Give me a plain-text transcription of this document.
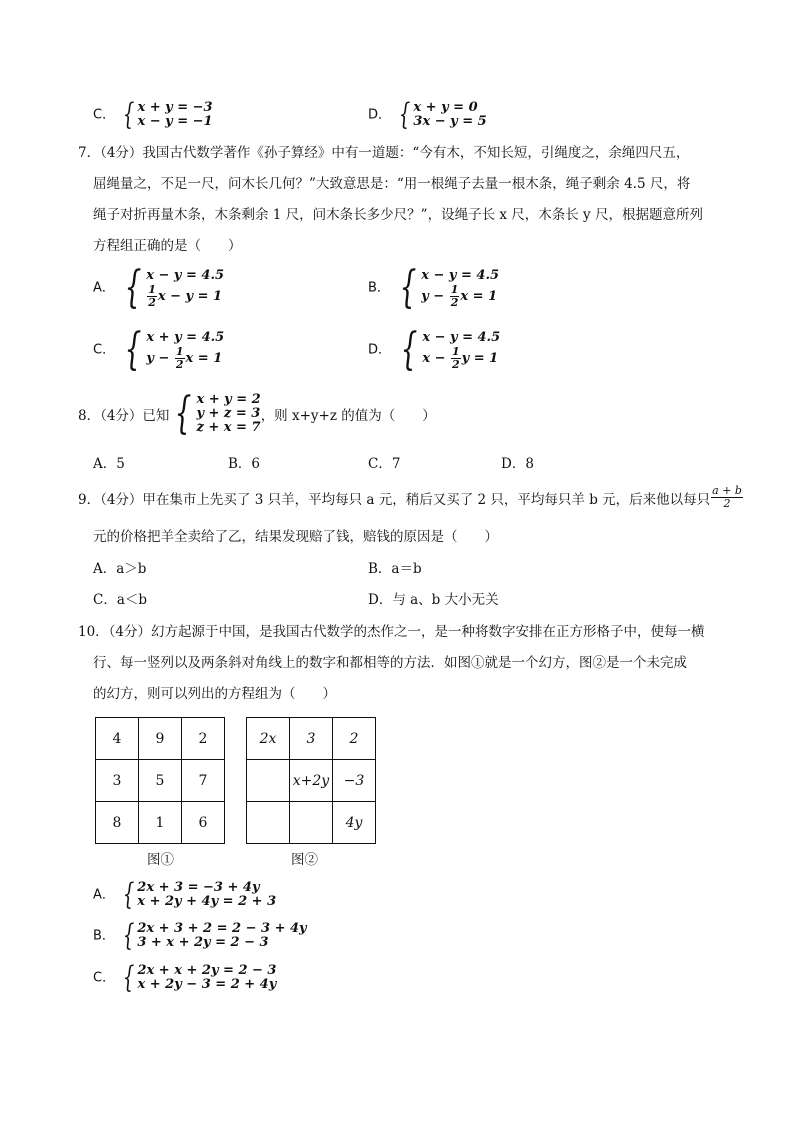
C． { x + y = −3
x − y = −1	D． { x + y = 0
3x − y = 5
7．（4分）我国古代数学著作《孙子算经》中有一道题：“今有木，不知长短，引绳度之，余绳四尺五，
屈绳量之，不足一尺，问木长几何？”大致意思是：“用一根绳子去量一根木条，绳子剩余 4.5 尺，将
绳子对折再量木条，木条剩余 1 尺，问木条长多少尺？”，设绳子长 x 尺，木条长 y 尺，根据题意所列
方程组正确的是（　　）
A． { x − y = 4.5
$\frac{1}{2}$ x − y = 1
B． { x − y = 4.5
$y - \frac{1}{2}$ x = 1
C． { x + y = 4.5
$y - \frac{1}{2}$ x = 1
D． { x − y = 4.5
$x - \frac{1}{2}$ y = 1
8．（4分）已知 { x + y = 2
y + z = 3
z + x = 7
，则 x+y+z 的值为（　　）
A．5	B．6	C．7	D．8
9．（4分）甲在集市上先买了 3 只羊，平均每只 a 元，稍后又买了 2 只，平均每只羊 b 元，后来他以每只 $\frac{a + b}{2}$
元的价格把羊全卖给了乙，结果发现赔了钱，赔钱的原因是（　　）
A．a＞b	B．a＝b
C．a＜b	D．与 a、b 大小无关
10．（4分）幻方起源于中国，是我国古代数学的杰作之一，是一种将数字安排在正方形格子中，使每一横
行、每一竖列以及两条斜对角线上的数字和都相等的方法．如图①就是一个幻方，图②是一个未完成
的幻方，则可以列出的方程组为（　　）
4	9	2
3	5	7
8	1	6
图①
2x	3	2
	x+2y	−3
		4y
图②
A． { 2x + 3 = −3 + 4y
x + 2y + 4y = 2 + 3
B． { 2x + 3 + 2 = 2 − 3 + 4y
3 + x + 2y = 2 − 3
C． { 2x + x + 2y = 2 − 3
x + 2y − 3 = 2 + 4y
